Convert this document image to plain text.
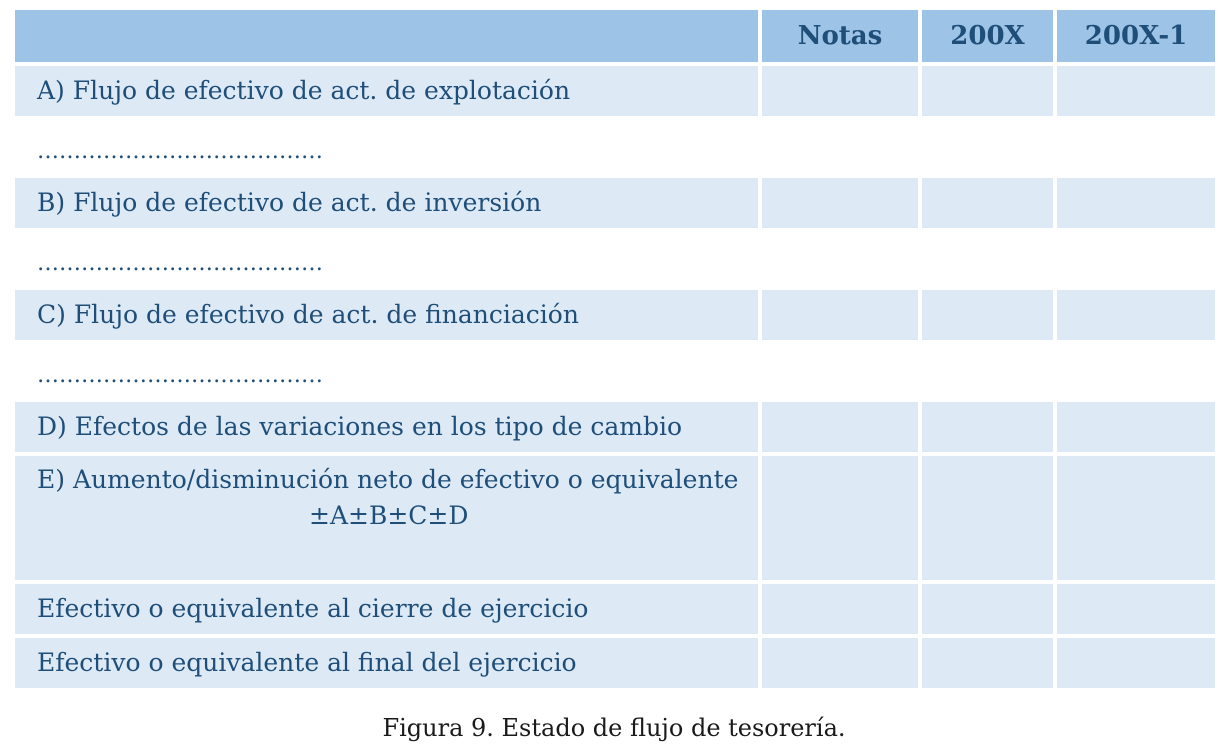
	Notas	200X	200X-1
A) Flujo de efectivo de act. de explotación			
…………………………………			
B) Flujo de efectivo de act. de inversión			
…………………………………			
C) Flujo de efectivo de act. de financiación			
…………………………………			
D) Efectos de las variaciones en los tipo de cambio			
E) Aumento/disminución neto de efectivo o equivalente
±A±B±C±D			

Efectivo o equivalente al cierre de ejercicio			
Efectivo o equivalente al final del ejercicio			
Figura 9. Estado de flujo de tesorería.
